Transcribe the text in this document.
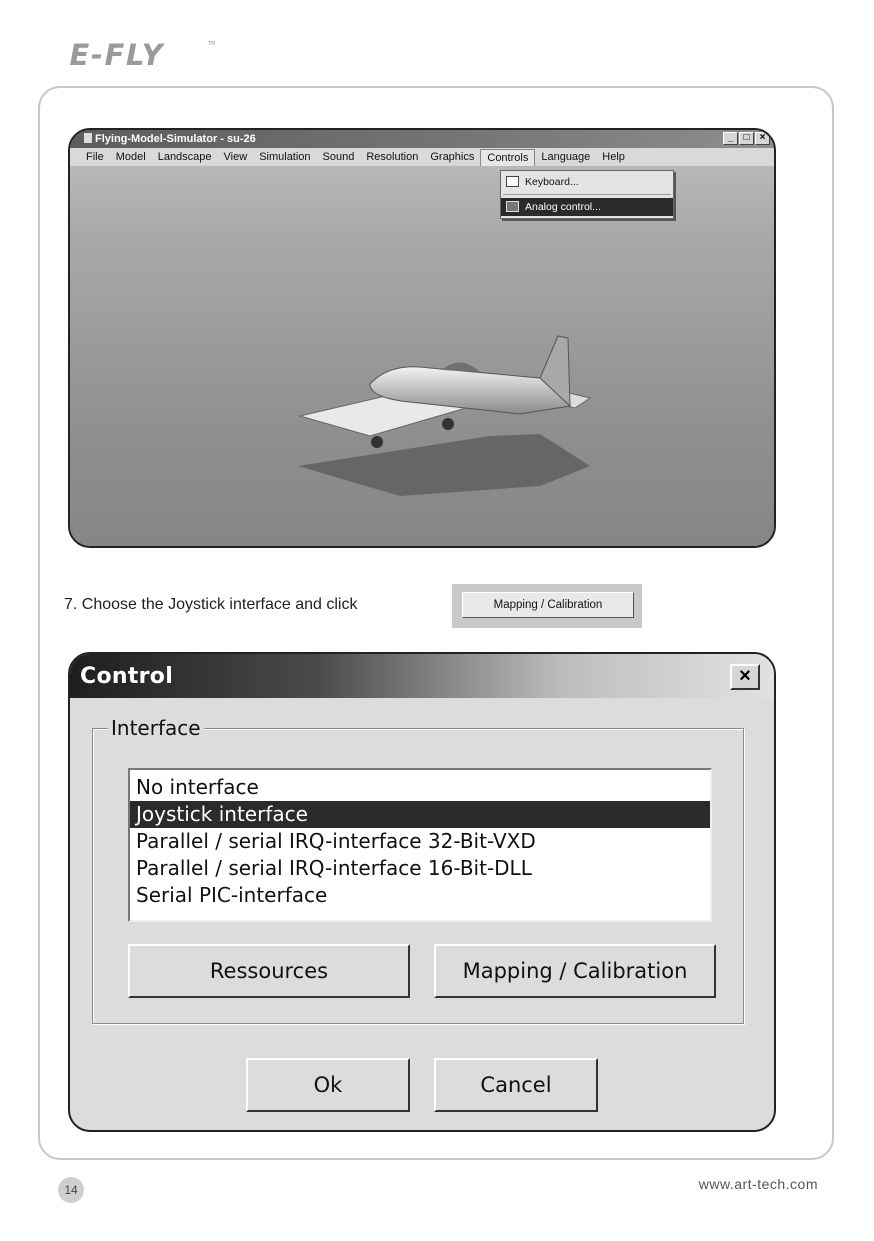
E-FLY	TM
Flying-Model-Simulator - su-26	_	□	×
File	Model	Landscape	View	Simulation	Sound	Resolution	Graphics	Controls	Language	Help
Keyboard...
Analog control...
7. Choose the Joystick interface and click	Mapping / Calibration
Control	×
Interface
No interface
Joystick interface
Parallel / serial IRQ-interface 32-Bit-VXD
Parallel / serial IRQ-interface 16-Bit-DLL
Serial PIC-interface
Ressources	Mapping / Calibration
Ok	Cancel
14	www.art-tech.com
